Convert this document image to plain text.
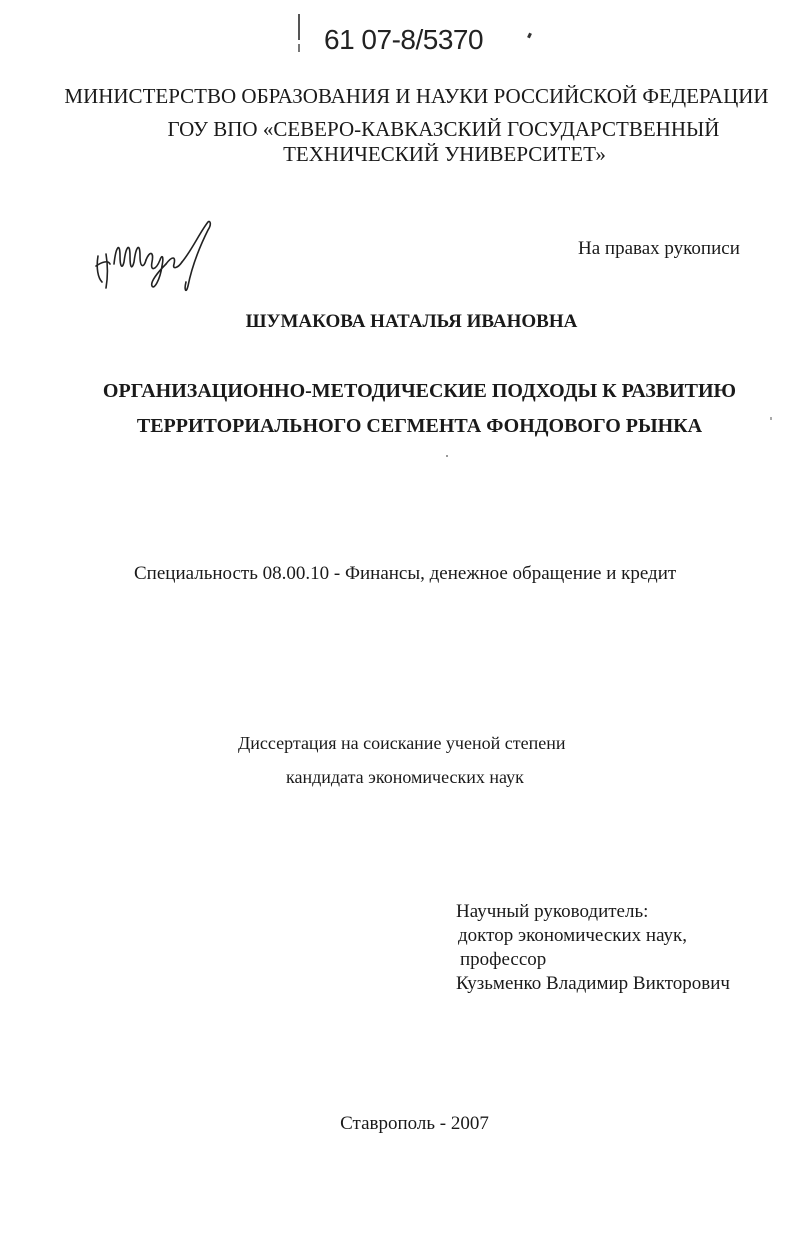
61 07-8/5370
МИНИСТЕРСТВО ОБРАЗОВАНИЯ И НАУКИ РОССИЙСКОЙ ФЕДЕРАЦИИ
ГОУ ВПО «СЕВЕРО-КАВКАЗСКИЙ ГОСУДАРСТВЕННЫЙ
ТЕХНИЧЕСКИЙ УНИВЕРСИТЕТ»
На правах рукописи
ШУМАКОВА НАТАЛЬЯ ИВАНОВНА
ОРГАНИЗАЦИОННО-МЕТОДИЧЕСКИЕ ПОДХОДЫ К РАЗВИТИЮ
ТЕРРИТОРИАЛЬНОГО СЕГМЕНТА ФОНДОВОГО РЫНКА
Специальность 08.00.10 - Финансы, денежное обращение и кредит
Диссертация на соискание ученой степени
кандидата экономических наук
Научный руководитель:
доктор экономических наук,
профессор
Кузьменко Владимир Викторович
Ставрополь - 2007
